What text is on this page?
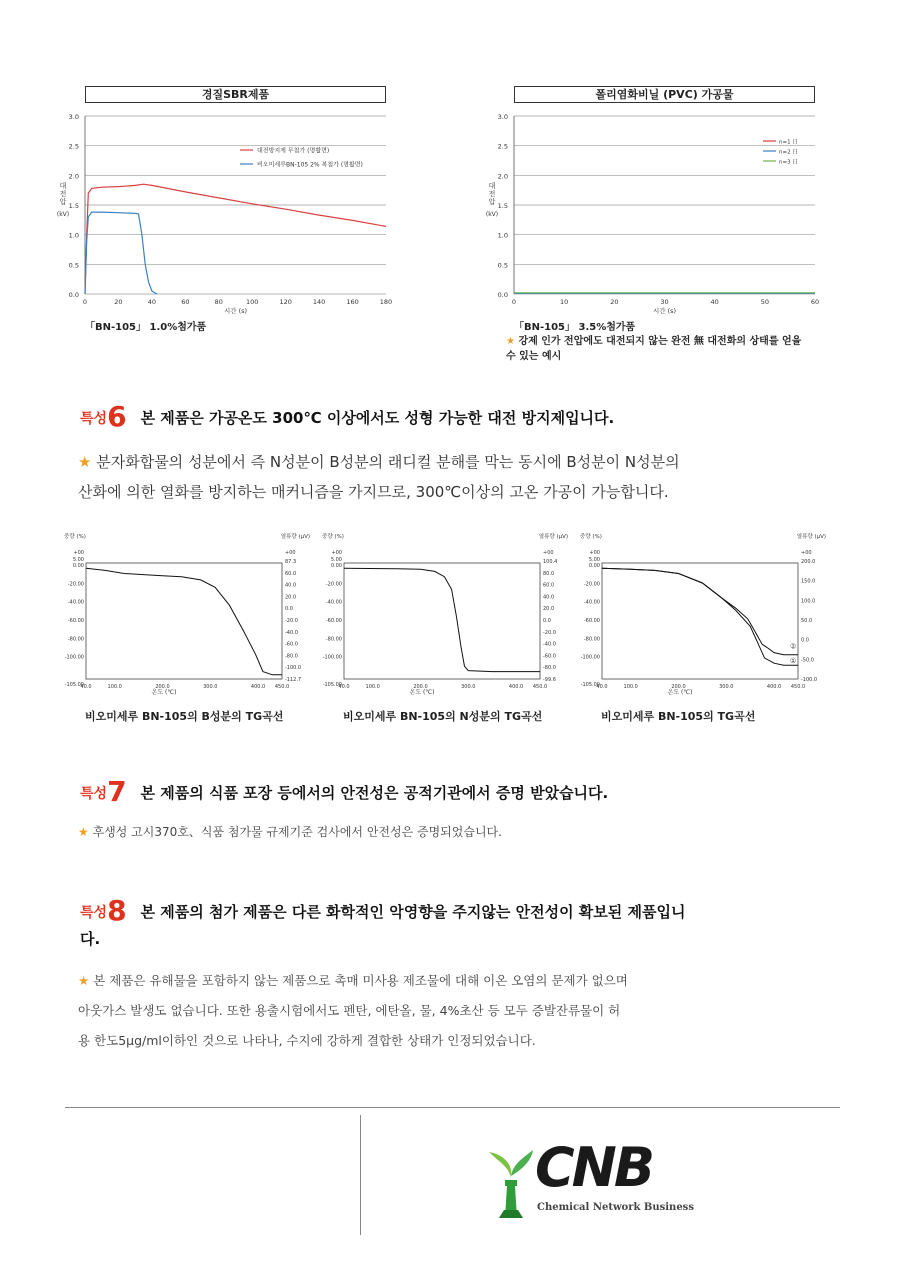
경질SBR제품
0.0
0.5
1.0
1.5
2.0
2.5
3.0
0	20	40	60	80	100	120	140	160	180
시간 (s)
대
전
압
(kV)
대전방지제 무첨가 (명활면)
비오미세루BN-105 2% 복첨가 (명활면)
「BN-105」 1.0%첨가품
폴리염화비닐 (PVC) 가공물
0.0
0.5
1.0
1.5
2.0
2.5
3.0
0	10	20	30	40	50	60
시간 (s)
대
전
압
(kV)
n=1 日
n=2 日
n=3 日
「BN-105」 3.5%첨가품
★ 강제 인가 전압에도 대전되지 않는 완전 無 대전화의 상태를 얻을 수 있는 예시
특성6 본 제품은 가공온도 300℃ 이상에서도 성형 가능한 대전 방지제입니다.
★ 분자화합물의 성분에서 즉 N성분이 B성분의 래디컬 분해를 막는 동시에 B성분이 N성분의
산화에 의한 열화를 방지하는 매커니즘을 가지므로, 300℃이상의 고온 가공이 가능합니다.
중량 (%)	열류량 (μV)
+00
5.00
0.00
-20.00
-40.00
-60.00
-80.00
-100.00
-105.00
+00
87.3
60.0
40.0
20.0
0.0
-20.0
-40.0
-60.0
-80.0
-100.0
-112.7
40.0	100.0	200.0	300.0	400.0 450.0
온도 (℃)
중량 (%)	열류량 (μV)
+00
5.00
0.00
-20.00
-40.00
-60.00
-80.00
-100.00
-105.00
+00
100.4
80.0
60.0
40.0
20.0
0.0
-20.0
-40.0
-60.0
-80.0
-99.6
40.0	100.0	200.0	300.0	400.0 450.0
온도 (℃)
중량 (%)	열류량 (μV)
+00
5.00
0.00
-20.00
-40.00
-60.00
-80.00
-100.00
-105.00
+00
200.0
150.0
100.0
50.0
0.0
-50.0
-100.0
40.0	100.0	200.0	300.0	400.0 450.0
온도 (℃)
①
②
비오미세루 BN-105의 B성분의 TG곡선	비오미세루 BN-105의 N성분의 TG곡선	비오미세루 BN-105의 TG곡선
특성7 본 제품의 식품 포장 등에서의 안전성은 공적기관에서 증명 받았습니다.
★ 후생성 고시370호、식품 첨가물 규제기준 검사에서 안전성은 증명되었습니다.
특성8 본 제품의 첨가 제품은 다른 화학적인 악영향을 주지않는 안전성이 확보된 제품입니
다.
★ 본 제품은 유해물을 포함하지 않는 제품으로 촉매 미사용 제조물에 대해 이온 오염의 문제가 없으며
아웃가스 발생도 없습니다. 또한 용출시험에서도 펜탄, 에탄올, 물, 4%초산 등 모두 증발잔류물이 허
용 한도5μg/ml이하인 것으로 나타나, 수지에 강하게 결합한 상태가 인정되었습니다.
CNB
Chemical Network Business
